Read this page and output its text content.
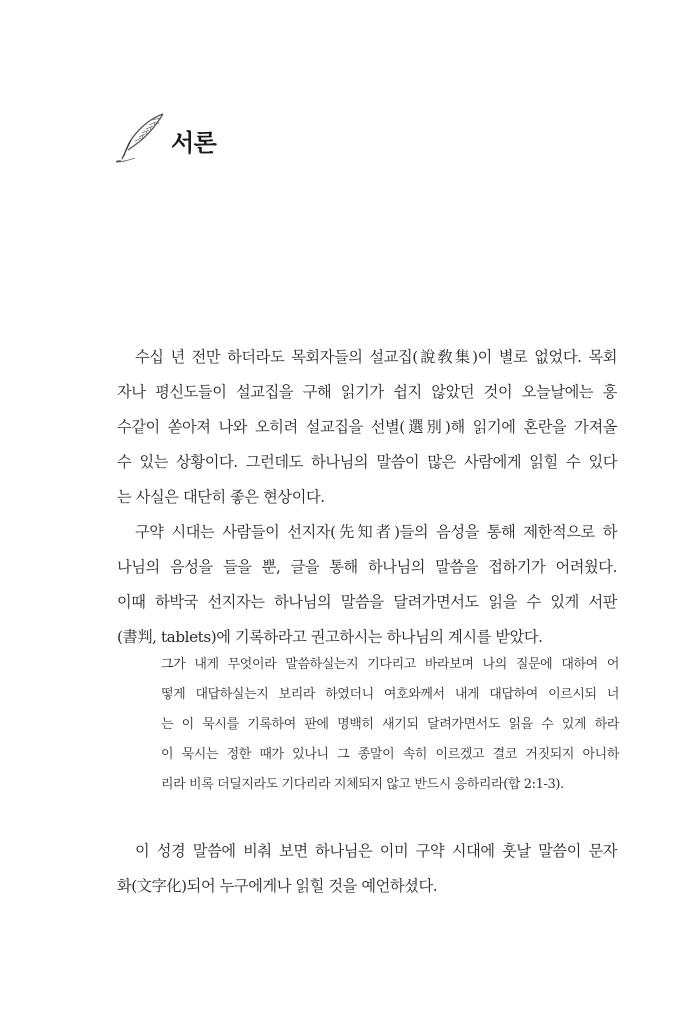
서론

수십 년 전만 하더라도 목회자들의 설교집(說敎集)이 별로 없었다. 목회
자나 평신도들이 설교집을 구해 읽기가 쉽지 않았던 것이 오늘날에는 홍
수같이 쏟아져 나와 오히려 설교집을 선별(選別)해 읽기에 혼란을 가져올
수 있는 상황이다. 그런데도 하나님의 말씀이 많은 사람에게 읽힐 수 있다
는 사실은 대단히 좋은 현상이다.

구약 시대는 사람들이 선지자(先知者)들의 음성을 통해 제한적으로 하
나님의 음성을 들을 뿐, 글을 통해 하나님의 말씀을 접하기가 어려웠다.
이때 하박국 선지자는 하나님의 말씀을 달려가면서도 읽을 수 있게 서판
(書判, tablets)에 기록하라고 권고하시는 하나님의 계시를 받았다.

그가 내게 무엇이라 말씀하실는지 기다리고 바라보며 나의 질문에 대하여 어
떻게 대답하실는지 보리라 하였더니 여호와께서 내게 대답하여 이르시되 너
는 이 묵시를 기록하여 판에 명백히 새기되 달려가면서도 읽을 수 있게 하라
이 묵시는 정한 때가 있나니 그 종말이 속히 이르겠고 결코 거짓되지 아니하
리라 비록 더딜지라도 기다리라 지체되지 않고 반드시 응하리라(합 2:1-3).

이 성경 말씀에 비춰 보면 하나님은 이미 구약 시대에 훗날 말씀이 문자
화(文字化)되어 누구에게나 읽힐 것을 예언하셨다.
